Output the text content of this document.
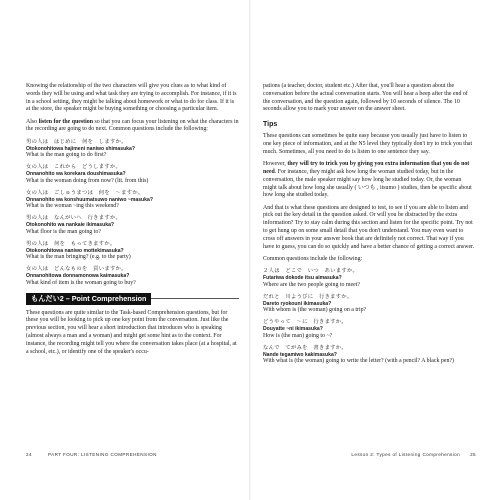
Knowing the relationship of the two characters will give you clues as to what kind of words they will be using and what task they are trying to accomplish. For instance, if it is in a school setting, they might be talking about homework or what to do for class. If it is at the store, the speaker might be buying something or choosing a particular item.

Also listen for the question so that you can focus your listening on what the characters in the recording are going to do next. Common questions include the following:

男の人は　はじめに　何を　しますか。
Otokonohitowa hajimeni naniwo shimasuka?
What is the man going to do first?
女の人は　これから　どうしますか。
Onnanohito wa korekara doushimasuka?
What is the woman doing from now? (lit. from this)
女の人は　ごしゅうまつは　何を　～ますか。
Onnanohito wa konshuumatsuwo naniwo ~masuka?
What is the woman ~ing this weekend?
男の人は　なんがいへ　行きますか。
Otokonohito wa nankaie ikimasuka?
What floor is the man going to?
男の人は　何を　もってきますか。
Otokonohitowa naniwo mottekimasuka?
What is the man bringing? (e.g. to the party)
女の人は　どんなものを　買いますか。
Onnanohitowa donnamonowa kaimasuka?
What kind of item is the woman going to buy?
もんだい2 – Point Comprehension

These questions are quite similar to the Task-based Comprehension questions, but for these you will be looking to pick up one key point from the conversation. Just like the previous section, you will hear a short introduction that introduces who is speaking (almost always a man and a woman) and might get some hint as to the context. For instance, the recording might tell you where the conversation takes place (at a hospital, at a school, etc.), or identify one of the speaker's occu-

24	PART FOUR: LISTENING COMPREHENSION

pations (a teacher, doctor, student etc.) After that, you'll hear a question about the conversation before the actual conversation starts. You will hear a beep after the end of the conversation, and the question again, followed by 10 seconds of silence. The 10 seconds allow you to mark your answer on the answer sheet.

Tips

These questions can sometimes be quite easy because you usually just have to listen to one key piece of information, and at the N5 level they typically don't try to trick you that much. Sometimes, all you need to do is listen to one sentence they say.

However, they will try to trick you by giving you extra information that you do not need. For instance, they might ask how long the woman studied today, but in the conversation, the male speaker might say how long he studied today. Or, the woman might talk about how long she usually ( いつも , itsumo ) studies, then be specific about how long she studied today.

And that is what these questions are designed to test, to see if you are able to listen and pick out the key detail in the question asked. Or will you be distracted by the extra information? Try to stay calm during this section and listen for the specific point. Try not to get hung up on some small detail that you don't understand. You may even want to cross off answers in your answer book that are definitely not correct. That way if you have to guess, you can do so quickly and have a better chance of getting a correct answer.

Common questions include the following:

２人は　どこで　いつ　あいますか。
Futariwa dokode itsu aimasuka?
Where are the two people going to meet?
だれと　川ようびに　行きますか。
Dareto ryokouni ikimasuka?
With whom is (the woman) going on a trip?
どうやって　～に　行きますか。
Douyatte ~ni ikimasuka?
How is (the man) going to ~?
なんで　てがみを　書きますか。
Nande tegamiwo kakimasuka?
With what is (the woman) going to write the letter? (with a pencil? A black pen?)
Lesson 2: Types of Listening Comprehension 25
